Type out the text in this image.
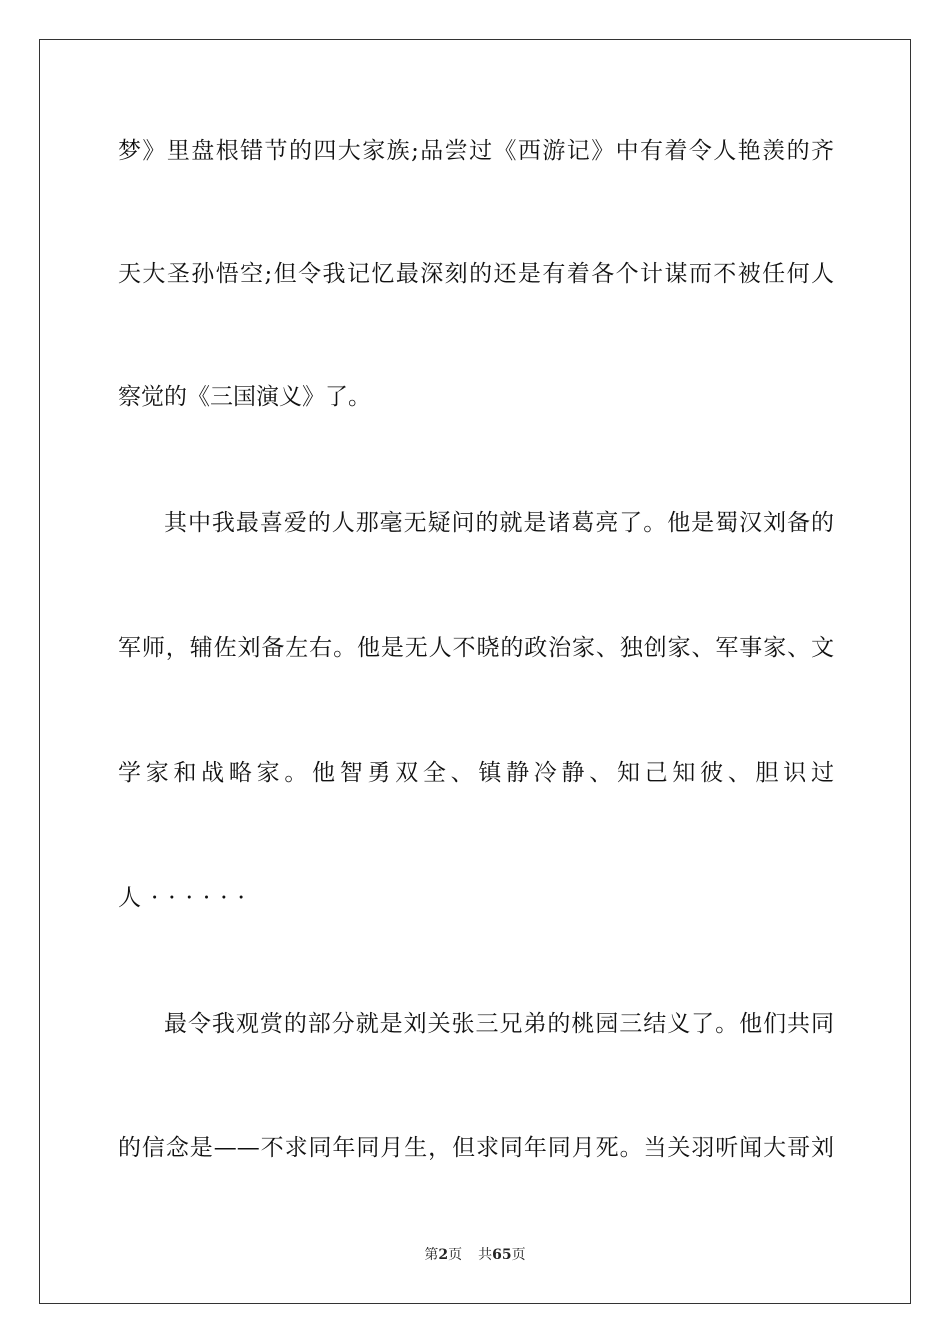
梦》里盘根错节的四大家族;品尝过《西游记》中有着令人艳羡的齐
天大圣孙悟空;但令我记忆最深刻的还是有着各个计谋而不被任何人
察觉的《三国演义》了。
其中我最喜爱的人那毫无疑问的就是诸葛亮了。他是蜀汉刘备的
军师，辅佐刘备左右。他是无人不晓的政治家、独创家、军事家、文
学家和战略家。他智勇双全、镇静冷静、知己知彼、胆识过
人······
最令我观赏的部分就是刘关张三兄弟的桃园三结义了。他们共同
的信念是——不求同年同月生，但求同年同月死。当关羽听闻大哥刘
第2页 共65页
